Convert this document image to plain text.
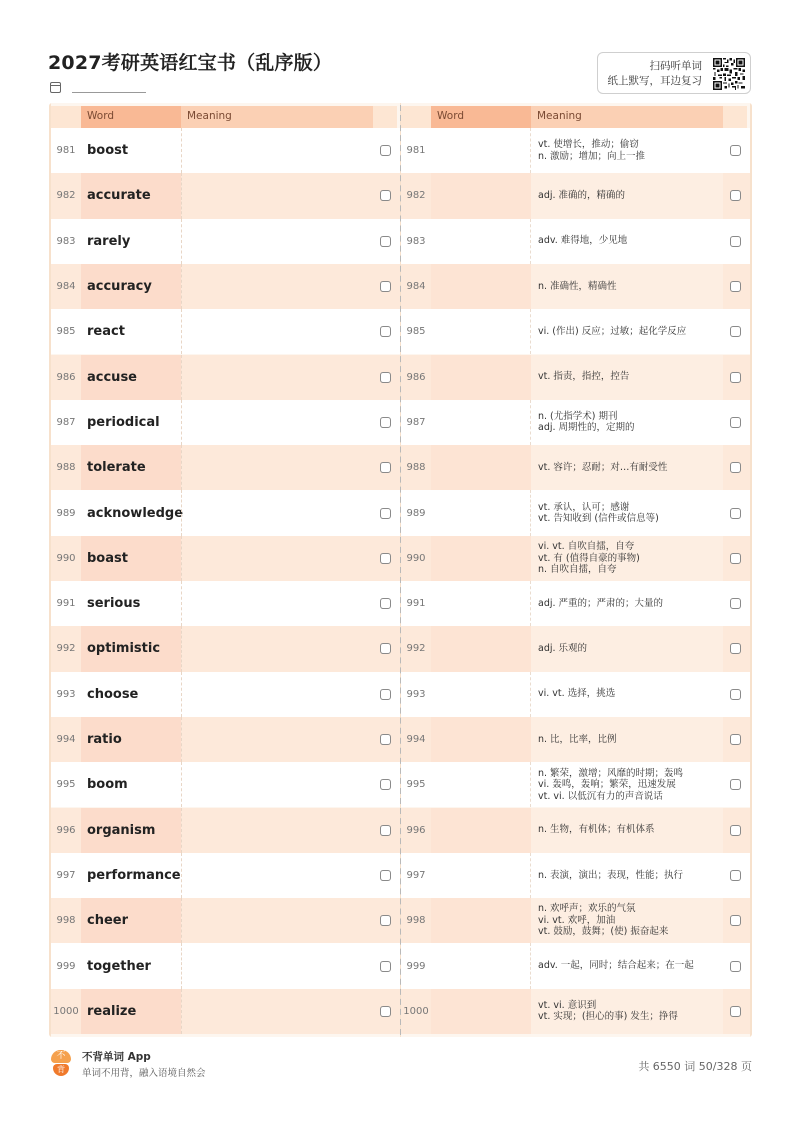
2027考研英语红宝书（乱序版）	扫码听单词
纸上默写，耳边复习
Word	Meaning
981 boost
982 accurate
983 rarely
984 accuracy
985 react
986 accuse
987 periodical
988 tolerate
989 acknowledge
990 boast
991 serious
992 optimistic
993 choose
994 ratio
995 boom
996 organism
997 performance
998 cheer
999 together
1000 realize
Word	Meaning
981
vt. 使增长，推动；偷窃
n. 激励；增加；向上一推
982	adj. 准确的，精确的
983	adv. 难得地，少见地
984	n. 准确性，精确性
985	vi. (作出) 反应；过敏；起化学反应
986	vt. 指责，指控，控告
987
n. (尤指学术) 期刊
adj. 周期性的，定期的
988	vt. 容许；忍耐；对…有耐受性
989
vt. 承认，认可；感谢
vt. 告知收到 (信件或信息等)
990
vi. vt. 自吹自擂，自夸
vt. 有 (值得自豪的事物)
n. 自吹自擂，自夸
991	adj. 严重的；严肃的；大量的
992	adj. 乐观的
993	vi. vt. 选择，挑选
994	n. 比，比率，比例
995
n. 繁荣，激增；风靡的时期；轰鸣
vi. 轰鸣，轰响；繁荣，迅速发展
vt. vi. 以低沉有力的声音说话
996	n. 生物，有机体；有机体系
997	n. 表演，演出；表现，性能；执行
998
n. 欢呼声；欢乐的气氛
vi. vt. 欢呼，加油
vt. 鼓励，鼓舞；(使) 振奋起来
999	adv. 一起，同时；结合起来；在一起
1000
vt. vi. 意识到
vt. 实现；(担心的事) 发生；挣得
不
背
不背单词 App
单词不用背，融入语境自然会
共 6550 词 50/328 页
